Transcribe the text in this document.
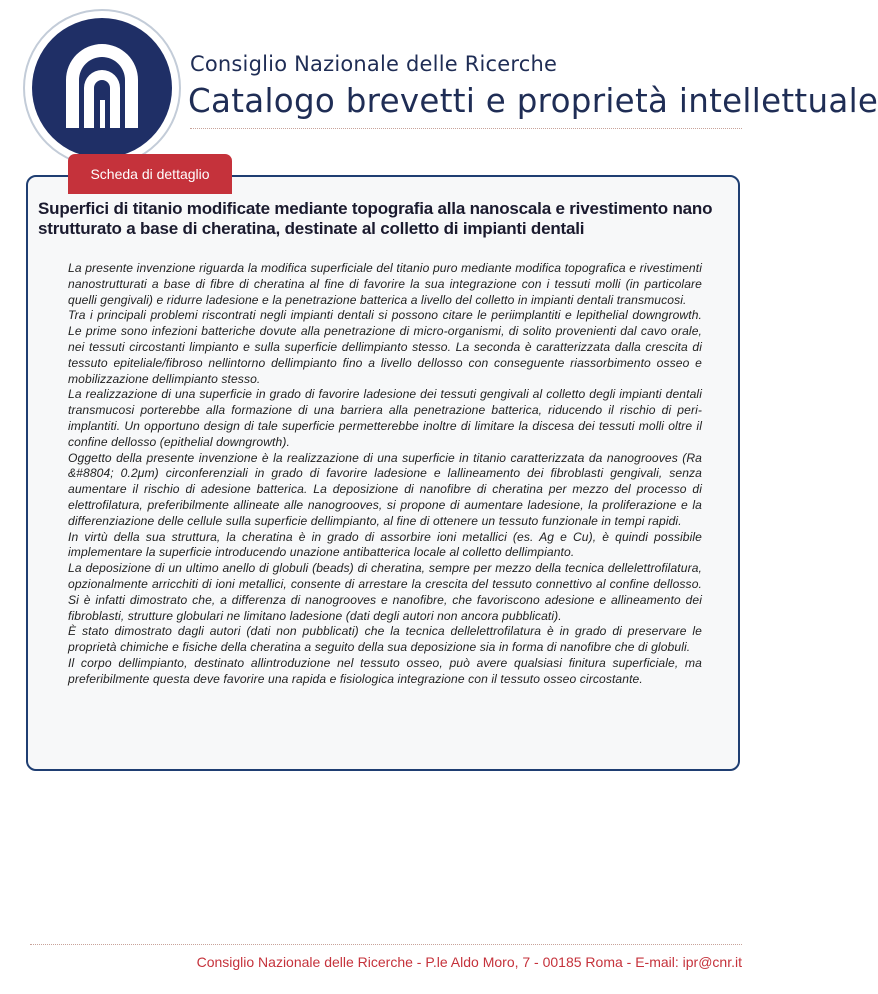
Consiglio Nazionale delle Ricerche
Catalogo brevetti e proprietà intellettuale
Scheda di dettaglio
Superfici di titanio modificate mediante topografia alla nanoscala e rivestimento nano strutturato a base di cheratina, destinate al colletto di impianti dentali

La presente invenzione riguarda la modifica superficiale del titanio puro mediante modifica topografica e rivestimenti nanostrutturati a base di fibre di cheratina al fine di favorire la sua integrazione con i tessuti molli (in particolare quelli gengivali) e ridurre ladesione e la penetrazione batterica a livello del colletto in impianti dentali transmucosi.

Tra i principali problemi riscontrati negli impianti dentali si possono citare le periimplantiti e lepithelial downgrowth. Le prime sono infezioni batteriche dovute alla penetrazione di micro-organismi, di solito provenienti dal cavo orale, nei tessuti circostanti limpianto e sulla superficie dellimpianto stesso. La seconda è caratterizzata dalla crescita di tessuto epiteliale/fibroso nellintorno dellimpianto fino a livello dellosso con conseguente riassorbimento osseo e mobilizzazione dellimpianto stesso.

La realizzazione di una superficie in grado di favorire ladesione dei tessuti gengivali al colletto degli impianti dentali transmucosi porterebbe alla formazione di una barriera alla penetrazione batterica, riducendo il rischio di peri-implantiti. Un opportuno design di tale superficie permetterebbe inoltre di limitare la discesa dei tessuti molli oltre il confine dellosso (epithelial downgrowth).

Oggetto della presente invenzione è la realizzazione di una superficie in titanio caratterizzata da nanogrooves (Ra &#8804; 0.2μm) circonferenziali in grado di favorire ladesione e lallineamento dei fibroblasti gengivali, senza aumentare il rischio di adesione batterica. La deposizione di nanofibre di cheratina per mezzo del processo di elettrofilatura, preferibilmente allineate alle nanogrooves, si propone di aumentare ladesione, la proliferazione e la differenziazione delle cellule sulla superficie dellimpianto, al fine di ottenere un tessuto funzionale in tempi rapidi.

In virtù della sua struttura, la cheratina è in grado di assorbire ioni metallici (es. Ag e Cu), è quindi possibile implementare la superficie introducendo unazione antibatterica locale al colletto dellimpianto.

La deposizione di un ultimo anello di globuli (beads) di cheratina, sempre per mezzo della tecnica dellelettrofilatura, opzionalmente arricchiti di ioni metallici, consente di arrestare la crescita del tessuto connettivo al confine dellosso. Si è infatti dimostrato che, a differenza di nanogrooves e nanofibre, che favoriscono adesione e allineamento dei fibroblasti, strutture globulari ne limitano ladesione (dati degli autori non ancora pubblicati).

È stato dimostrato dagli autori (dati non pubblicati) che la tecnica dellelettrofilatura è in grado di preservare le proprietà chimiche e fisiche della cheratina a seguito della sua deposizione sia in forma di nanofibre che di globuli.

Il corpo dellimpianto, destinato allintroduzione nel tessuto osseo, può avere qualsiasi finitura superficiale, ma preferibilmente questa deve favorire una rapida e fisiologica integrazione con il tessuto osseo circostante.

Consiglio Nazionale delle Ricerche - P.le Aldo Moro, 7 - 00185 Roma - E-mail: ipr@cnr.it
